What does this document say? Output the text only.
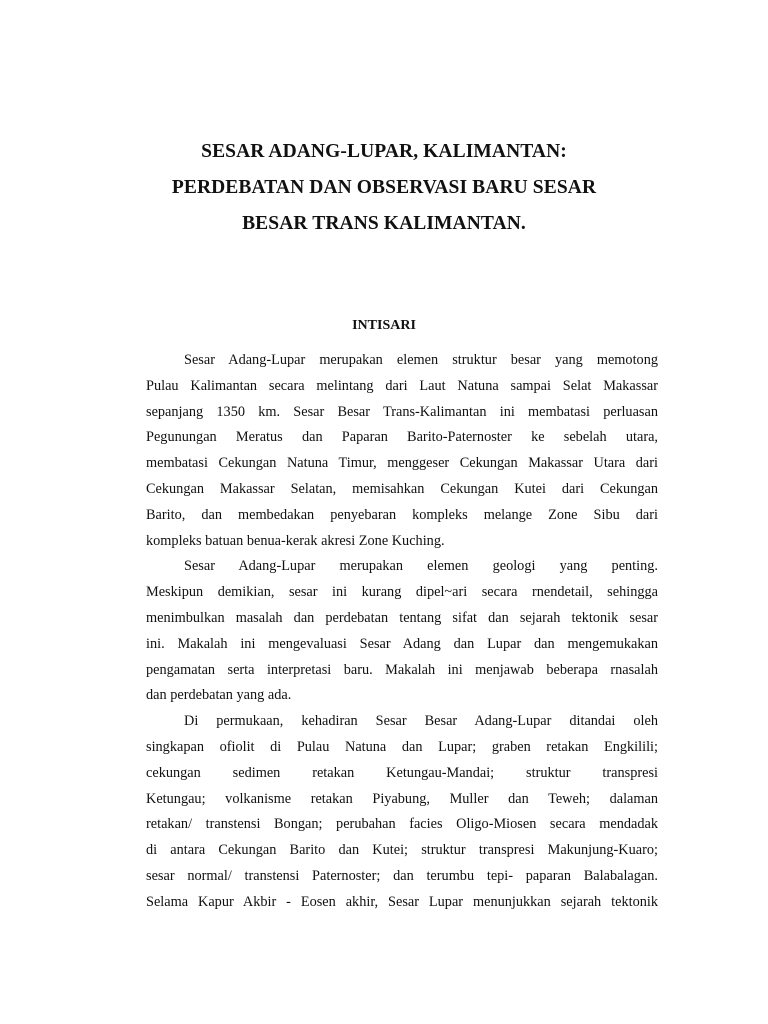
SESAR ADANG-LUPAR, KALIMANTAN:
PERDEBATAN DAN OBSERVASI BARU SESAR
BESAR TRANS KALIMANTAN.
INTISARI
Sesar Adang-Lupar merupakan elemen struktur besar yang memotong
Pulau Kalimantan secara melintang dari Laut Natuna sampai Selat Makassar
sepanjang 1350 km. Sesar Besar Trans-Kalimantan ini membatasi perluasan
Pegunungan Meratus dan Paparan Barito-Paternoster ke sebelah utara,
membatasi Cekungan Natuna Timur, menggeser Cekungan Makassar Utara dari
Cekungan Makassar Selatan, memisahkan Cekungan Kutei dari Cekungan
Barito, dan membedakan penyebaran kompleks melange Zone Sibu dari
kompleks batuan benua-kerak akresi Zone Kuching.
Sesar Adang-Lupar merupakan elemen geologi yang penting.
Meskipun demikian, sesar ini kurang dipel~ari secara rnendetail, sehingga
menimbulkan masalah dan perdebatan tentang sifat dan sejarah tektonik sesar
ini. Makalah ini mengevaluasi Sesar Adang dan Lupar dan mengemukakan
pengamatan serta interpretasi baru. Makalah ini menjawab beberapa rnasalah
dan perdebatan yang ada.
Di permukaan, kehadiran Sesar Besar Adang-Lupar ditandai oleh
singkapan ofiolit di Pulau Natuna dan Lupar; graben retakan Engkilili;
cekungan sedimen retakan Ketungau-Mandai; struktur transpresi
Ketungau; volkanisme retakan Piyabung, Muller dan Teweh; dalaman
retakan/ transtensi Bongan; perubahan facies Oligo-Miosen secara mendadak
di antara Cekungan Barito dan Kutei; struktur transpresi Makunjung-Kuaro;
sesar normal/ transtensi Paternoster; dan terumbu tepi- paparan Balabalagan.
Selama Kapur Akbir - Eosen akhir, Sesar Lupar menunjukkan sejarah tektonik
